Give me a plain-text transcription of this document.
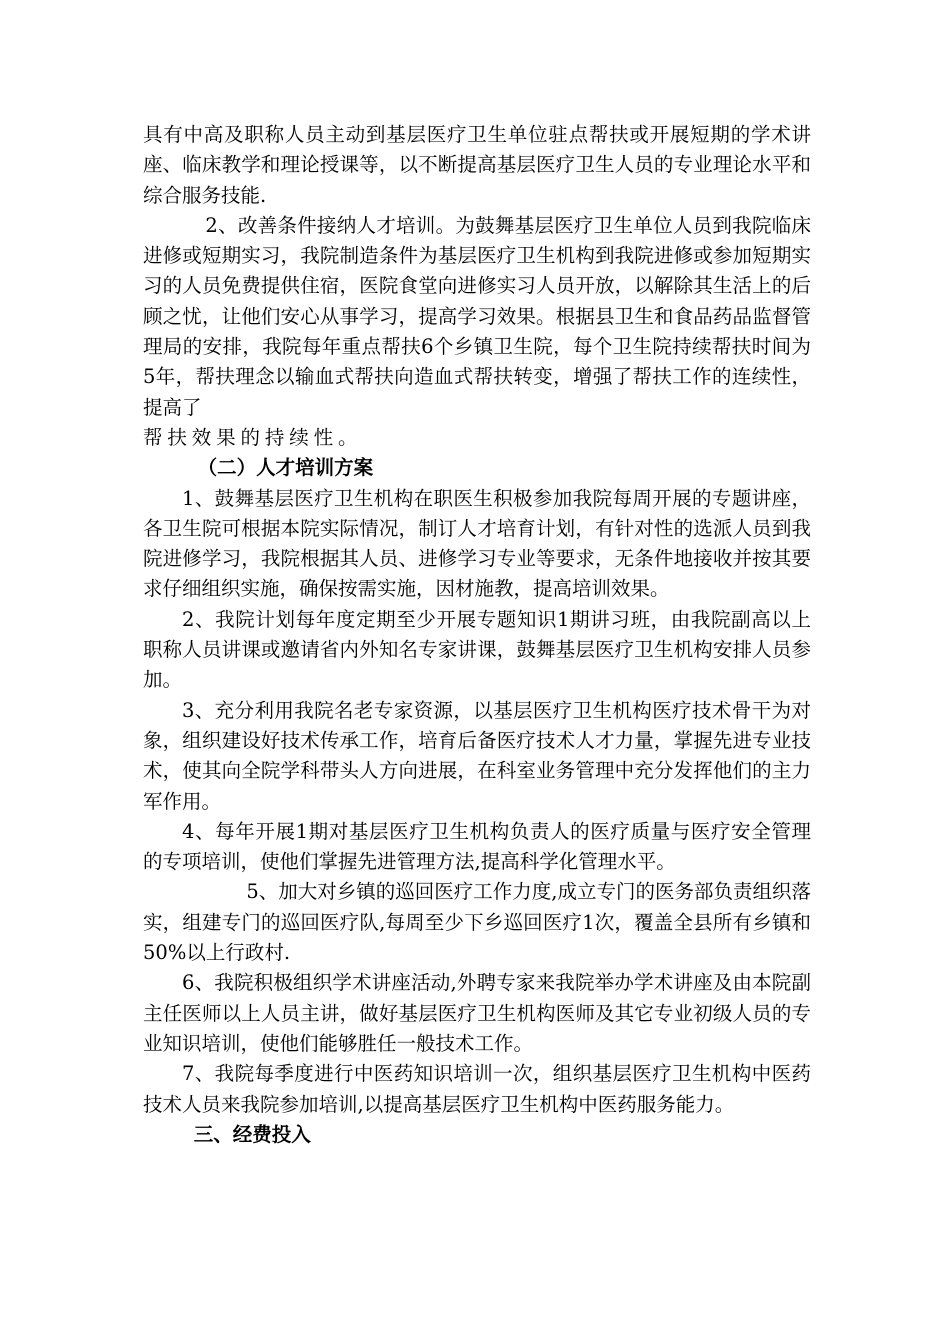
具有中高及职称人员主动到基层医疗卫生单位驻点帮扶或开展短期的学术讲座、临床教学和理论授课等，以不断提高基层医疗卫生人员的专业理论水平和综合服务技能.

2、改善条件接纳人才培训。为鼓舞基层医疗卫生单位人员到我院临床进修或短期实习，我院制造条件为基层医疗卫生机构到我院进修或参加短期实习的人员免费提供住宿，医院食堂向进修实习人员开放，以解除其生活上的后顾之忧，让他们安心从事学习，提高学习效果。根据县卫生和食品药品监督管理局的安排，我院每年重点帮扶6个乡镇卫生院，每个卫生院持续帮扶时间为5年，帮扶理念以输血式帮扶向造血式帮扶转变，增强了帮扶工作的连续性，提高了

帮扶效果的持续性。

（二）人才培训方案

1、鼓舞基层医疗卫生机构在职医生积极参加我院每周开展的专题讲座，各卫生院可根据本院实际情况，制订人才培育计划，有针对性的选派人员到我院进修学习，我院根据其人员、进修学习专业等要求，无条件地接收并按其要求仔细组织实施，确保按需实施，因材施教，提高培训效果。

2、我院计划每年度定期至少开展专题知识1期讲习班，由我院副高以上职称人员讲课或邀请省内外知名专家讲课，鼓舞基层医疗卫生机构安排人员参加。

3、充分利用我院名老专家资源，以基层医疗卫生机构医疗技术骨干为对象，组织建设好技术传承工作，培育后备医疗技术人才力量，掌握先进专业技术，使其向全院学科带头人方向进展，在科室业务管理中充分发挥他们的主力军作用。

4、每年开展1期对基层医疗卫生机构负责人的医疗质量与医疗安全管理的专项培训，使他们掌握先进管理方法,提高科学化管理水平。

5、加大对乡镇的巡回医疗工作力度,成立专门的医务部负责组织落实，组建专门的巡回医疗队,每周至少下乡巡回医疗1次，覆盖全县所有乡镇和50%以上行政村.

6、我院积极组织学术讲座活动,外聘专家来我院举办学术讲座及由本院副主任医师以上人员主讲，做好基层医疗卫生机构医师及其它专业初级人员的专业知识培训，使他们能够胜任一般技术工作。

7、我院每季度进行中医药知识培训一次，组织基层医疗卫生机构中医药技术人员来我院参加培训,以提高基层医疗卫生机构中医药服务能力。

三、经费投入
